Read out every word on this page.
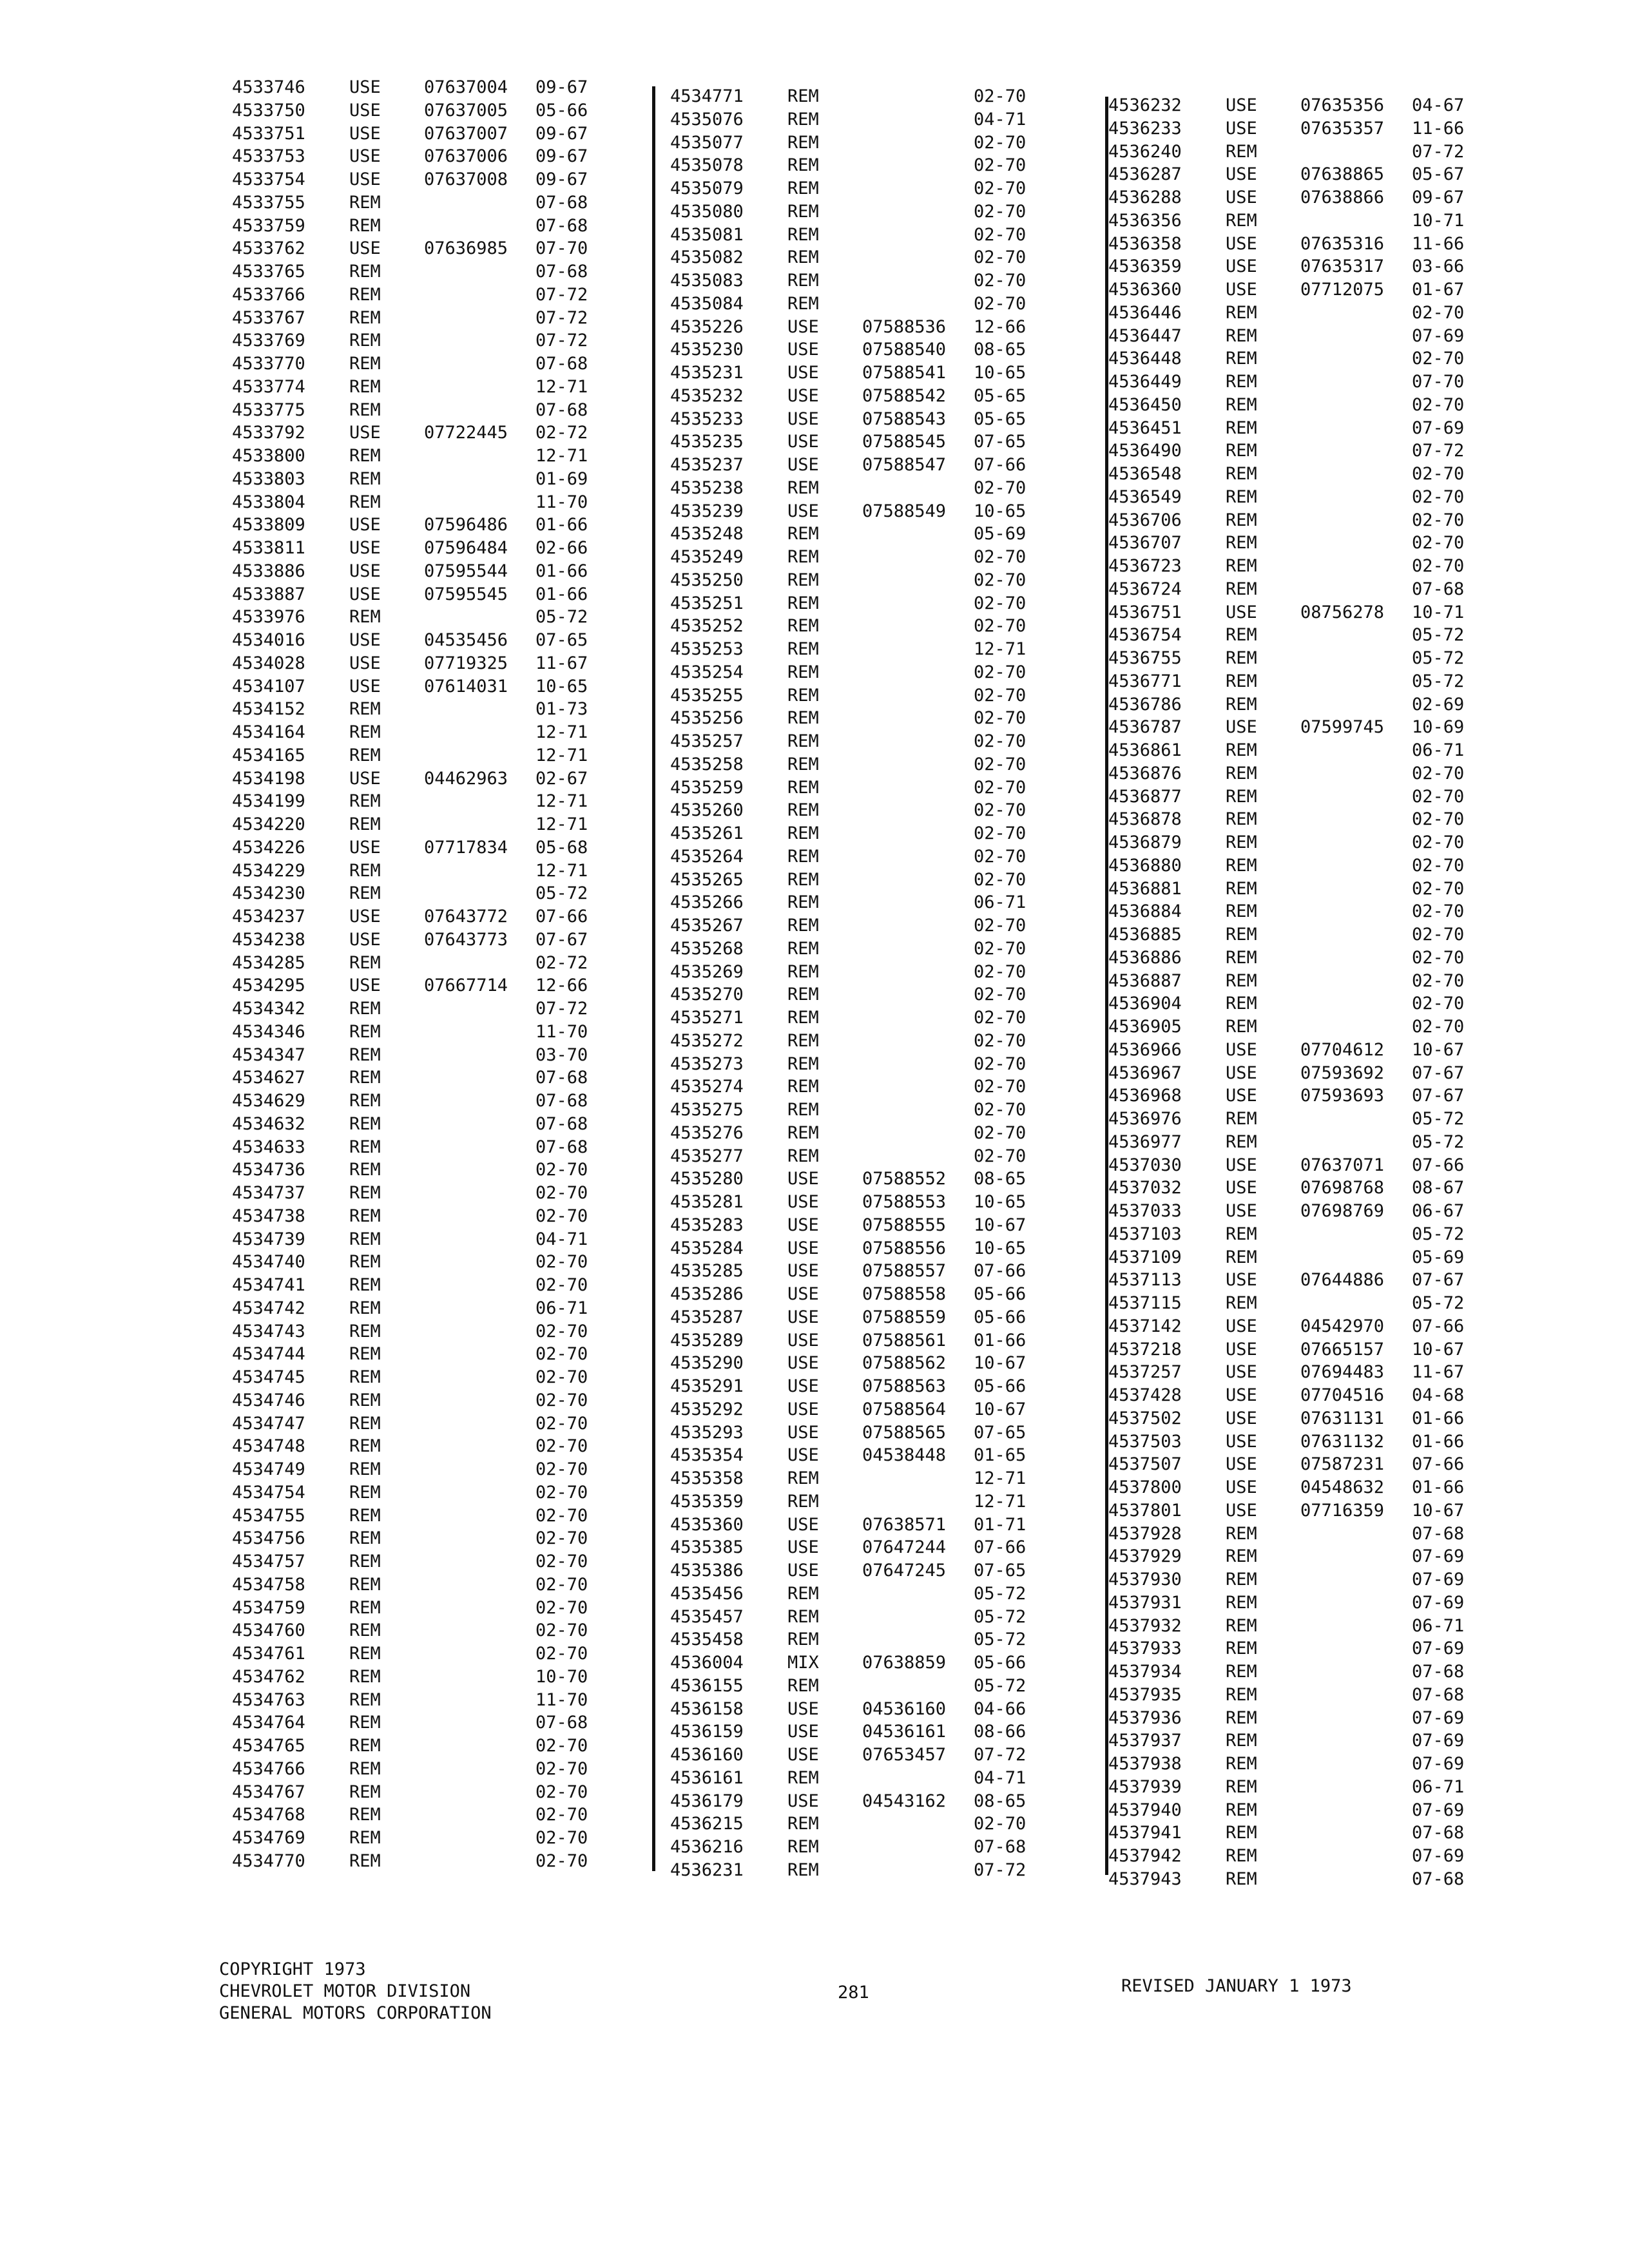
4533746	USE 07637004 09-67
4533750	USE 07637005 05-66
4533751	USE 07637007 09-67
4533753	USE 07637006 09-67
4533754	USE 07637008 09-67
4533755	REM	07-68
4533759	REM	07-68
4533762	USE 07636985 07-70
4533765	REM	07-68
4533766	REM	07-72
4533767	REM	07-72
4533769	REM	07-72
4533770	REM	07-68
4533774	REM	12-71
4533775	REM	07-68
4533792	USE 07722445 02-72
4533800	REM	12-71
4533803	REM	01-69
4533804	REM	11-70
4533809	USE 07596486 01-66
4533811	USE 07596484 02-66
4533886	USE 07595544 01-66
4533887	USE 07595545 01-66
4533976	REM	05-72
4534016	USE 04535456 07-65
4534028	USE 07719325 11-67
4534107	USE 07614031 10-65
4534152	REM	01-73
4534164	REM	12-71
4534165	REM	12-71
4534198	USE 04462963 02-67
4534199	REM	12-71
4534220	REM	12-71
4534226	USE 07717834 05-68
4534229	REM	12-71
4534230	REM	05-72
4534237	USE 07643772 07-66
4534238	USE 07643773 07-67
4534285	REM	02-72
4534295	USE 07667714 12-66
4534342	REM	07-72
4534346	REM	11-70
4534347	REM	03-70
4534627	REM	07-68
4534629	REM	07-68
4534632	REM	07-68
4534633	REM	07-68
4534736	REM	02-70
4534737	REM	02-70
4534738	REM	02-70
4534739	REM	04-71
4534740	REM	02-70
4534741	REM	02-70
4534742	REM	06-71
4534743	REM	02-70
4534744	REM	02-70
4534745	REM	02-70
4534746	REM	02-70
4534747	REM	02-70
4534748	REM	02-70
4534749	REM	02-70
4534754	REM	02-70
4534755	REM	02-70
4534756	REM	02-70
4534757	REM	02-70
4534758	REM	02-70
4534759	REM	02-70
4534760	REM	02-70
4534761	REM	02-70
4534762	REM	10-70
4534763	REM	11-70
4534764	REM	07-68
4534765	REM	02-70
4534766	REM	02-70
4534767	REM	02-70
4534768	REM	02-70
4534769	REM	02-70
4534770	REM	02-70
4534771	REM	02-70
4535076	REM	04-71
4535077	REM	02-70
4535078	REM	02-70
4535079	REM	02-70
4535080	REM	02-70
4535081	REM	02-70
4535082	REM	02-70
4535083	REM	02-70
4535084	REM	02-70
4535226	USE 07588536 12-66
4535230	USE 07588540 08-65
4535231	USE 07588541 10-65
4535232	USE 07588542 05-65
4535233	USE 07588543 05-65
4535235	USE 07588545 07-65
4535237	USE 07588547 07-66
4535238	REM	02-70
4535239	USE 07588549 10-65
4535248	REM	05-69
4535249	REM	02-70
4535250	REM	02-70
4535251	REM	02-70
4535252	REM	02-70
4535253	REM	12-71
4535254	REM	02-70
4535255	REM	02-70
4535256	REM	02-70
4535257	REM	02-70
4535258	REM	02-70
4535259	REM	02-70
4535260	REM	02-70
4535261	REM	02-70
4535264	REM	02-70
4535265	REM	02-70
4535266	REM	06-71
4535267	REM	02-70
4535268	REM	02-70
4535269	REM	02-70
4535270	REM	02-70
4535271	REM	02-70
4535272	REM	02-70
4535273	REM	02-70
4535274	REM	02-70
4535275	REM	02-70
4535276	REM	02-70
4535277	REM	02-70
4535280	USE 07588552 08-65
4535281	USE 07588553 10-65
4535283	USE 07588555 10-67
4535284	USE 07588556 10-65
4535285	USE 07588557 07-66
4535286	USE 07588558 05-66
4535287	USE 07588559 05-66
4535289	USE 07588561 01-66
4535290	USE 07588562 10-67
4535291	USE 07588563 05-66
4535292	USE 07588564 10-67
4535293	USE 07588565 07-65
4535354	USE 04538448 01-65
4535358	REM	12-71
4535359	REM	12-71
4535360	USE 07638571 01-71
4535385	USE 07647244 07-66
4535386	USE 07647245 07-65
4535456	REM	05-72
4535457	REM	05-72
4535458	REM	05-72
4536004	MIX 07638859 05-66
4536155	REM	05-72
4536158	USE 04536160 04-66
4536159	USE 04536161 08-66
4536160	USE 07653457 07-72
4536161	REM	04-71
4536179	USE 04543162 08-65
4536215	REM	02-70
4536216	REM	07-68
4536231	REM	07-72
4536232	USE 07635356 04-67
4536233	USE 07635357 11-66
4536240	REM	07-72
4536287	USE 07638865 05-67
4536288	USE 07638866 09-67
4536356	REM	10-71
4536358	USE 07635316 11-66
4536359	USE 07635317 03-66
4536360	USE 07712075 01-67
4536446	REM	02-70
4536447	REM	07-69
4536448	REM	02-70
4536449	REM	07-70
4536450	REM	02-70
4536451	REM	07-69
4536490	REM	07-72
4536548	REM	02-70
4536549	REM	02-70
4536706	REM	02-70
4536707	REM	02-70
4536723	REM	02-70
4536724	REM	07-68
4536751	USE 08756278 10-71
4536754	REM	05-72
4536755	REM	05-72
4536771	REM	05-72
4536786	REM	02-69
4536787	USE 07599745 10-69
4536861	REM	06-71
4536876	REM	02-70
4536877	REM	02-70
4536878	REM	02-70
4536879	REM	02-70
4536880	REM	02-70
4536881	REM	02-70
4536884	REM	02-70
4536885	REM	02-70
4536886	REM	02-70
4536887	REM	02-70
4536904	REM	02-70
4536905	REM	02-70
4536966	USE 07704612 10-67
4536967	USE 07593692 07-67
4536968	USE 07593693 07-67
4536976	REM	05-72
4536977	REM	05-72
4537030	USE 07637071 07-66
4537032	USE 07698768 08-67
4537033	USE 07698769 06-67
4537103	REM	05-72
4537109	REM	05-69
4537113	USE 07644886 07-67
4537115	REM	05-72
4537142	USE 04542970 07-66
4537218	USE 07665157 10-67
4537257	USE 07694483 11-67
4537428	USE 07704516 04-68
4537502	USE 07631131 01-66
4537503	USE 07631132 01-66
4537507	USE 07587231 07-66
4537800	USE 04548632 01-66
4537801	USE 07716359 10-67
4537928	REM	07-68
4537929	REM	07-69
4537930	REM	07-69
4537931	REM	07-69
4537932	REM	06-71
4537933	REM	07-69
4537934	REM	07-68
4537935	REM	07-68
4537936	REM	07-69
4537937	REM	07-69
4537938	REM	07-69
4537939	REM	06-71
4537940	REM	07-69
4537941	REM	07-68
4537942	REM	07-69
4537943	REM	07-68
COPYRIGHT 1973
CHEVROLET MOTOR DIVISION
GENERAL MOTORS CORPORATION
281	REVISED JANUARY 1 1973
